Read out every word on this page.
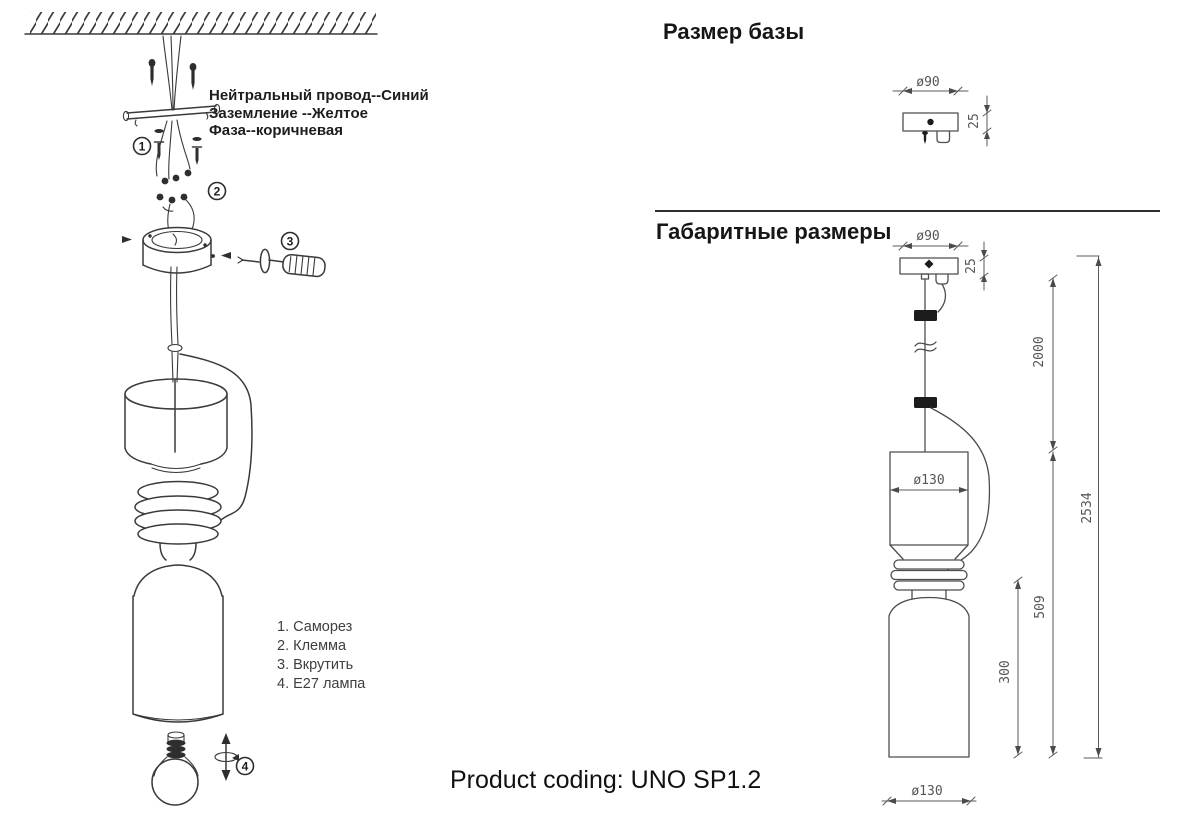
1
2
3
4
ø90
25
ø90
25
ø130
ø130
2000
509
300
2534
Нейтральный провод--Синий
Заземление --Желтое
Фаза--коричневая
1. Саморез
2. Клемма
3. Вкрутить
4. E27 лампа
Размер базы
Габаритные размеры
Product coding: UNO SP1.2
